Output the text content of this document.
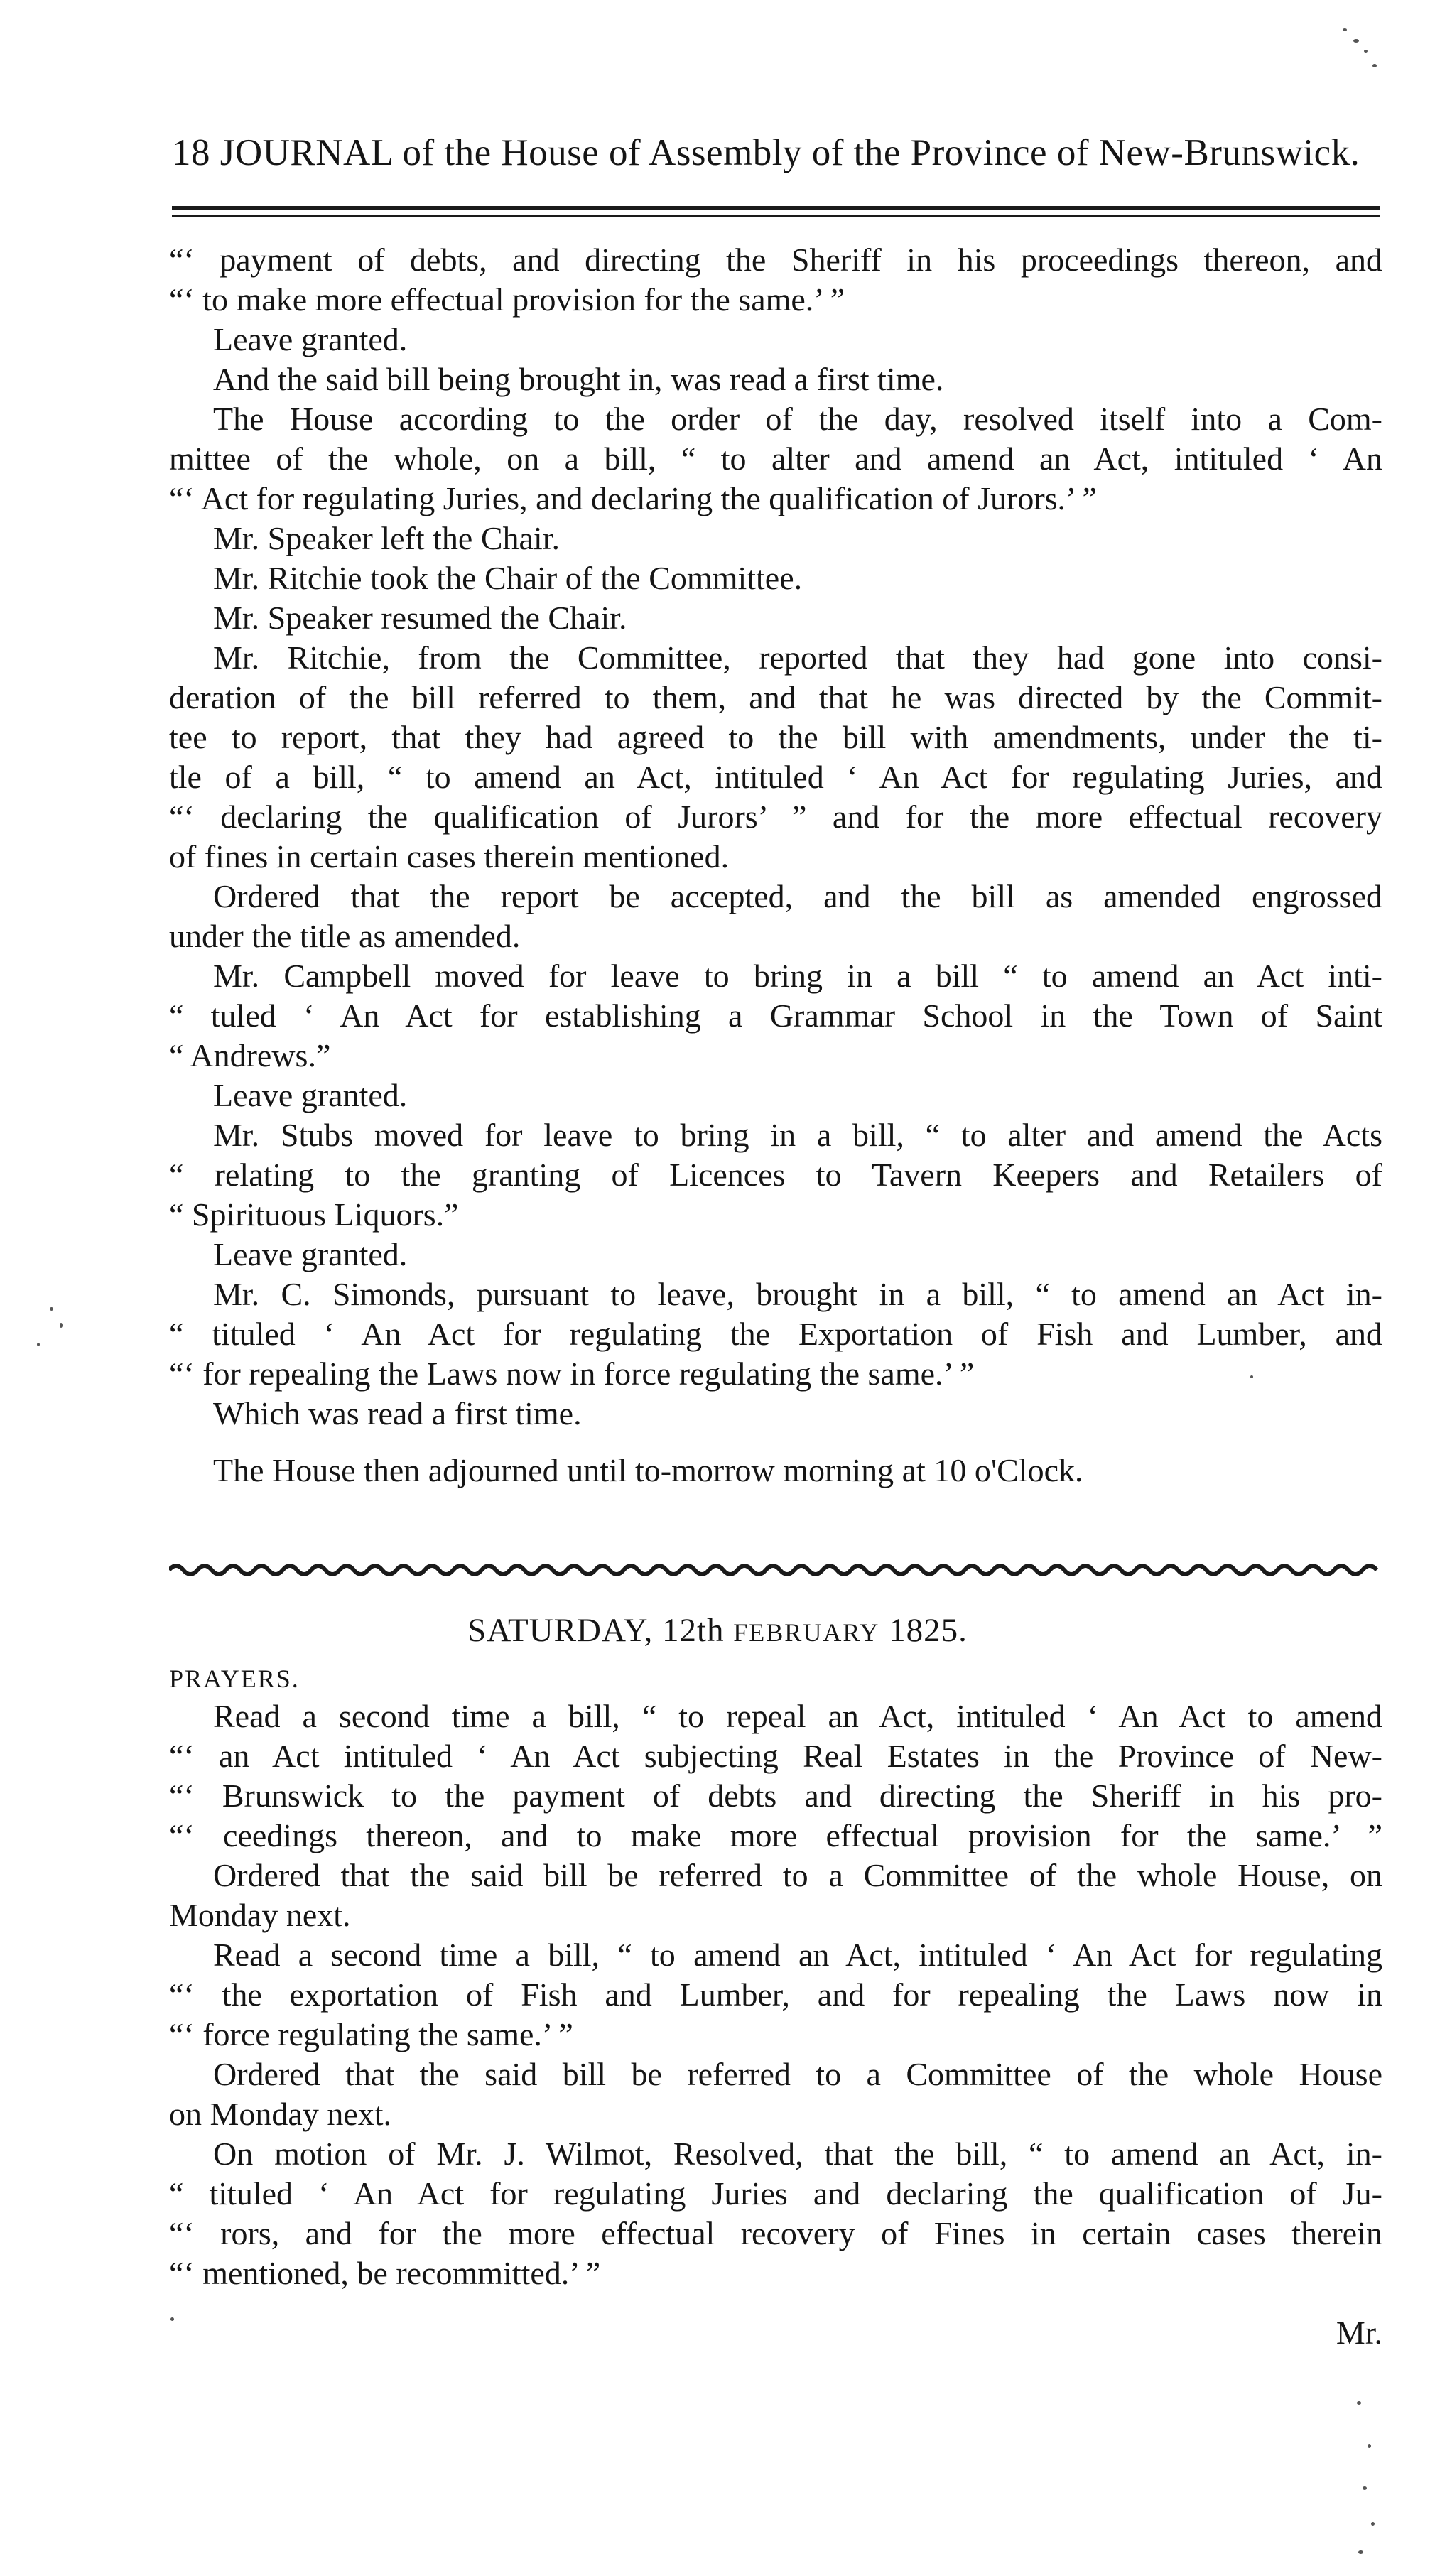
18 JOURNAL of the House of Assembly of the Province of New-Brunswick.
“‘ payment of debts, and directing the Sheriff in his proceedings thereon, and
“‘ to make more effectual provision for the same.’ ”
Leave granted.
And the said bill being brought in, was read a first time.
The House according to the order of the day, resolved itself into a Com-
mittee of the whole, on a bill, “ to alter and amend an Act, intituled ‘ An
“‘ Act for regulating Juries, and declaring the qualification of Jurors.’ ”
Mr. Speaker left the Chair.
Mr. Ritchie took the Chair of the Committee.
Mr. Speaker resumed the Chair.
Mr. Ritchie, from the Committee, reported that they had gone into consi-
deration of the bill referred to them, and that he was directed by the Commit-
tee to report, that they had agreed to the bill with amendments, under the ti-
tle of a bill, “ to amend an Act, intituled ‘ An Act for regulating Juries, and
“‘ declaring the qualification of Jurors’ ” and for the more effectual recovery
of fines in certain cases therein mentioned.
Ordered that the report be accepted, and the bill as amended engrossed
under the title as amended.
Mr. Campbell moved for leave to bring in a bill “ to amend an Act inti-
“ tuled ‘ An Act for establishing a Grammar School in the Town of Saint
“ Andrews.”
Leave granted.
Mr. Stubs moved for leave to bring in a bill, “ to alter and amend the Acts
“ relating to the granting of Licences to Tavern Keepers and Retailers of
“ Spirituous Liquors.”
Leave granted.
Mr. C. Simonds, pursuant to leave, brought in a bill, “ to amend an Act in-
“ tituled ‘ An Act for regulating the Exportation of Fish and Lumber, and
“‘ for repealing the Laws now in force regulating the same.’ ”
Which was read a first time.
The House then adjourned until to-morrow morning at 10 o'Clock.
SATURDAY, 12th FEBRUARY 1825.
PRAYERS.
Read a second time a bill, “ to repeal an Act, intituled ‘ An Act to amend
“‘ an Act intituled ‘ An Act subjecting Real Estates in the Province of New-
“‘ Brunswick to the payment of debts and directing the Sheriff in his pro-
“‘ ceedings thereon, and to make more effectual provision for the same.’ ”
Ordered that the said bill be referred to a Committee of the whole House, on
Monday next.
Read a second time a bill, “ to amend an Act, intituled ‘ An Act for regulating
“‘ the exportation of Fish and Lumber, and for repealing the Laws now in
“‘ force regulating the same.’ ”
Ordered that the said bill be referred to a Committee of the whole House
on Monday next.
On motion of Mr. J. Wilmot, Resolved, that the bill, “ to amend an Act, in-
“ tituled ‘ An Act for regulating Juries and declaring the qualification of Ju-
“‘ rors, and for the more effectual recovery of Fines in certain cases therein
“‘ mentioned, be recommitted.’ ”
Mr.
